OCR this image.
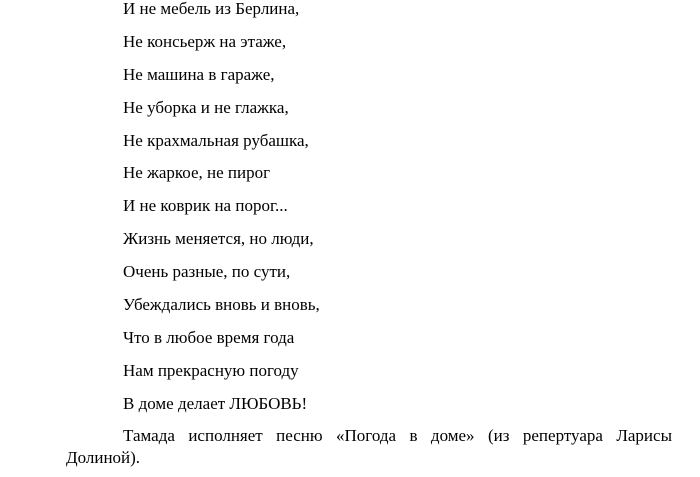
И не мебель из Берлина,
Не консьерж на этаже,
Не машина в гараже,
Не уборка и не глажка,
Не крахмальная рубашка,
Не жаркое, не пирог
И не коврик на порог...
Жизнь меняется, но люди,
Очень разные, по сути,
Убеждались вновь и вновь,
Что в любое время года
Нам прекрасную погоду
В доме делает ЛЮБОВЬ!
Тамада исполняет песню «Погода в доме» (из репертуара Ларисы
Долиной).
